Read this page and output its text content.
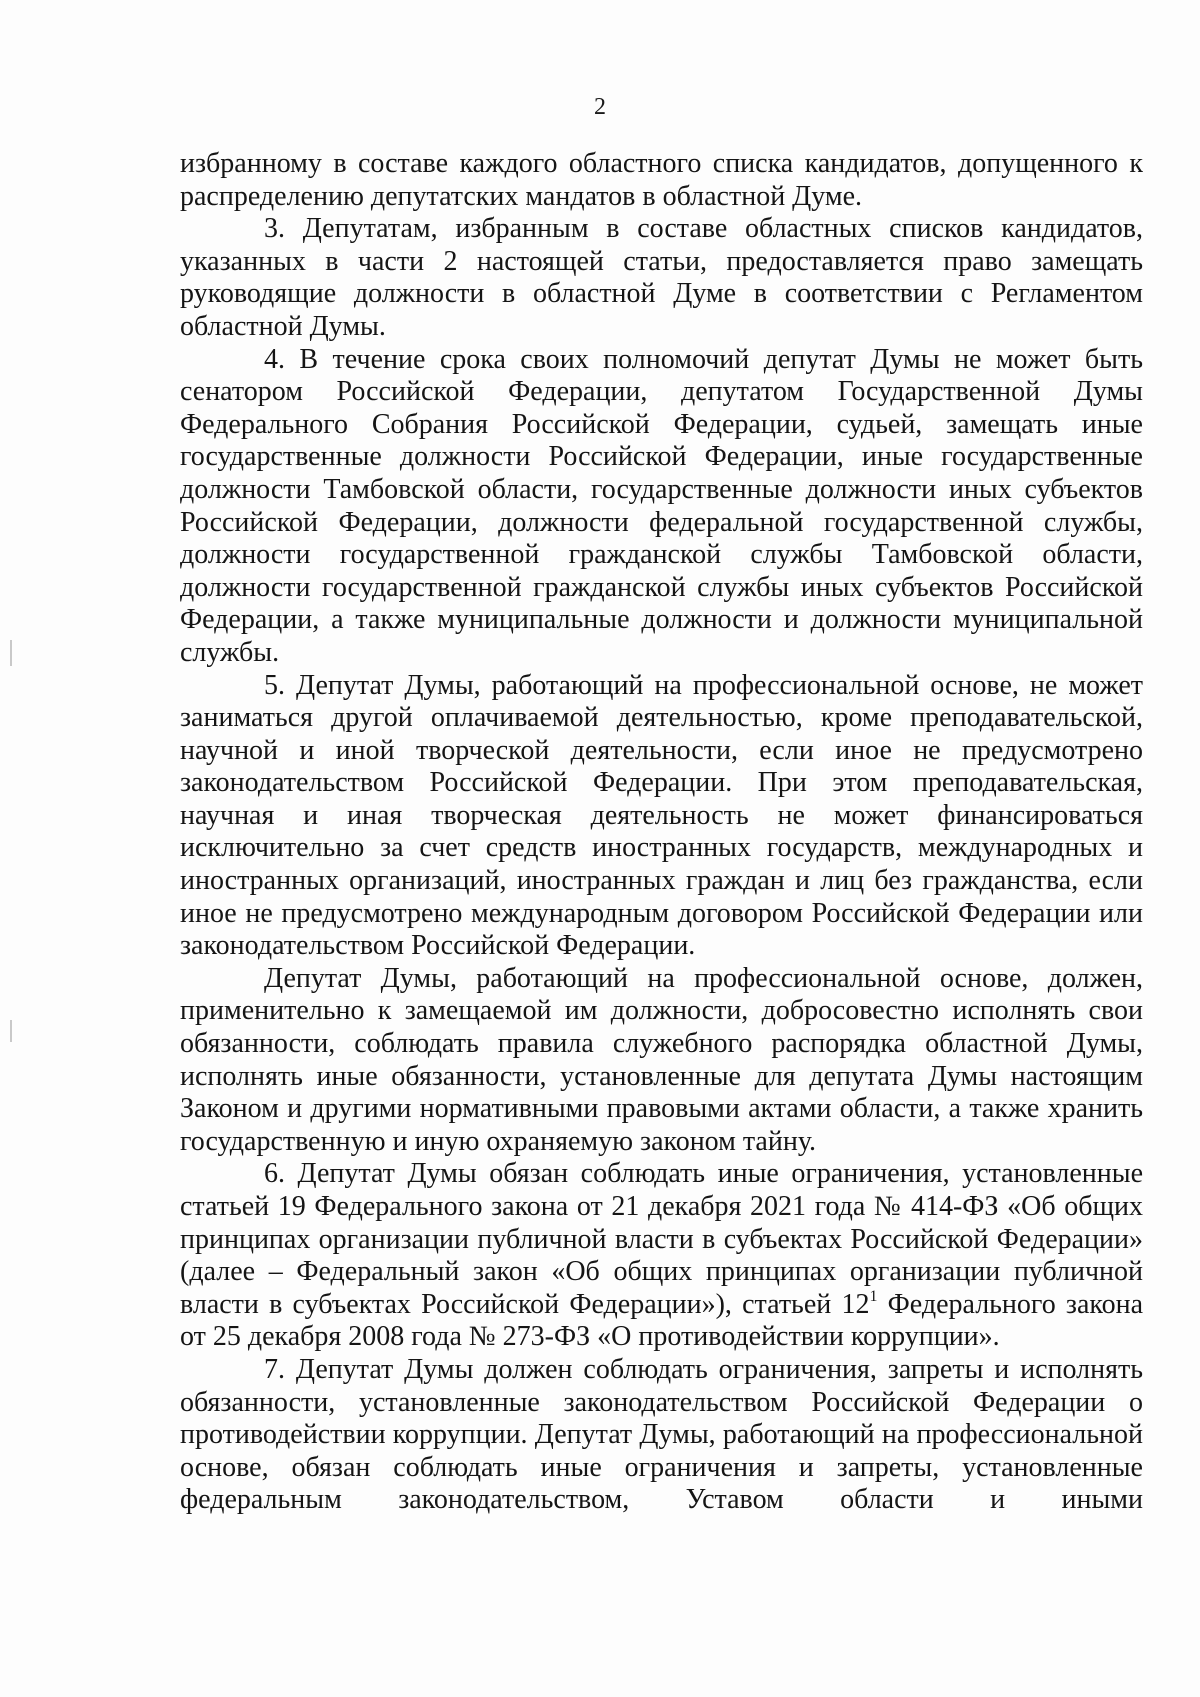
2

избранному в составе каждого областного списка кандидатов, допущенного к распределению депутатских мандатов в областной Думе.

3. Депутатам, избранным в составе областных списков кандидатов, указанных в части 2 настоящей статьи, предоставляется право замещать руководящие должности в областной Думе в соответствии с Регламентом областной Думы.

4. В течение срока своих полномочий депутат Думы не может быть сенатором Российской Федерации, депутатом Государственной Думы Федерального Собрания Российской Федерации, судьей, замещать иные государственные должности Российской Федерации, иные государственные должности Тамбовской области, государственные должности иных субъектов Российской Федерации, должности федеральной государственной службы, должности государственной гражданской службы Тамбовской области, должности государственной гражданской службы иных субъектов Российской Федерации, а также муниципальные должности и должности муниципальной службы.

5. Депутат Думы, работающий на профессиональной основе, не может заниматься другой оплачиваемой деятельностью, кроме преподавательской, научной и иной творческой деятельности, если иное не предусмотрено законодательством Российской Федерации. При этом преподавательская, научная и иная творческая деятельность не может финансироваться исключительно за счет средств иностранных государств, международных и иностранных организаций, иностранных граждан и лиц без гражданства, если иное не предусмотрено международным договором Российской Федерации или законодательством Российской Федерации.

Депутат Думы, работающий на профессиональной основе, должен, применительно к замещаемой им должности, добросовестно исполнять свои обязанности, соблюдать правила служебного распорядка областной Думы, исполнять иные обязанности, установленные для депутата Думы настоящим Законом и другими нормативными правовыми актами области, а также хранить государственную и иную охраняемую законом тайну.

6. Депутат Думы обязан соблюдать иные ограничения, установленные статьей 19 Федерального закона от 21 декабря 2021 года № 414-ФЗ «Об общих принципах организации публичной власти в субъектах Российской Федерации» (далее – Федеральный закон «Об общих принципах организации публичной власти в субъектах Российской Федерации»), статьей $12^1$ Федерального закона от 25 декабря 2008 года № 273-ФЗ «О противодействии коррупции».

7. Депутат Думы должен соблюдать ограничения, запреты и исполнять обязанности, установленные законодательством Российской Федерации о противодействии коррупции. Депутат Думы, работающий на профессиональной основе, обязан соблюдать иные ограничения и запреты, установленные федеральным законодательством, Уставом области и иными
